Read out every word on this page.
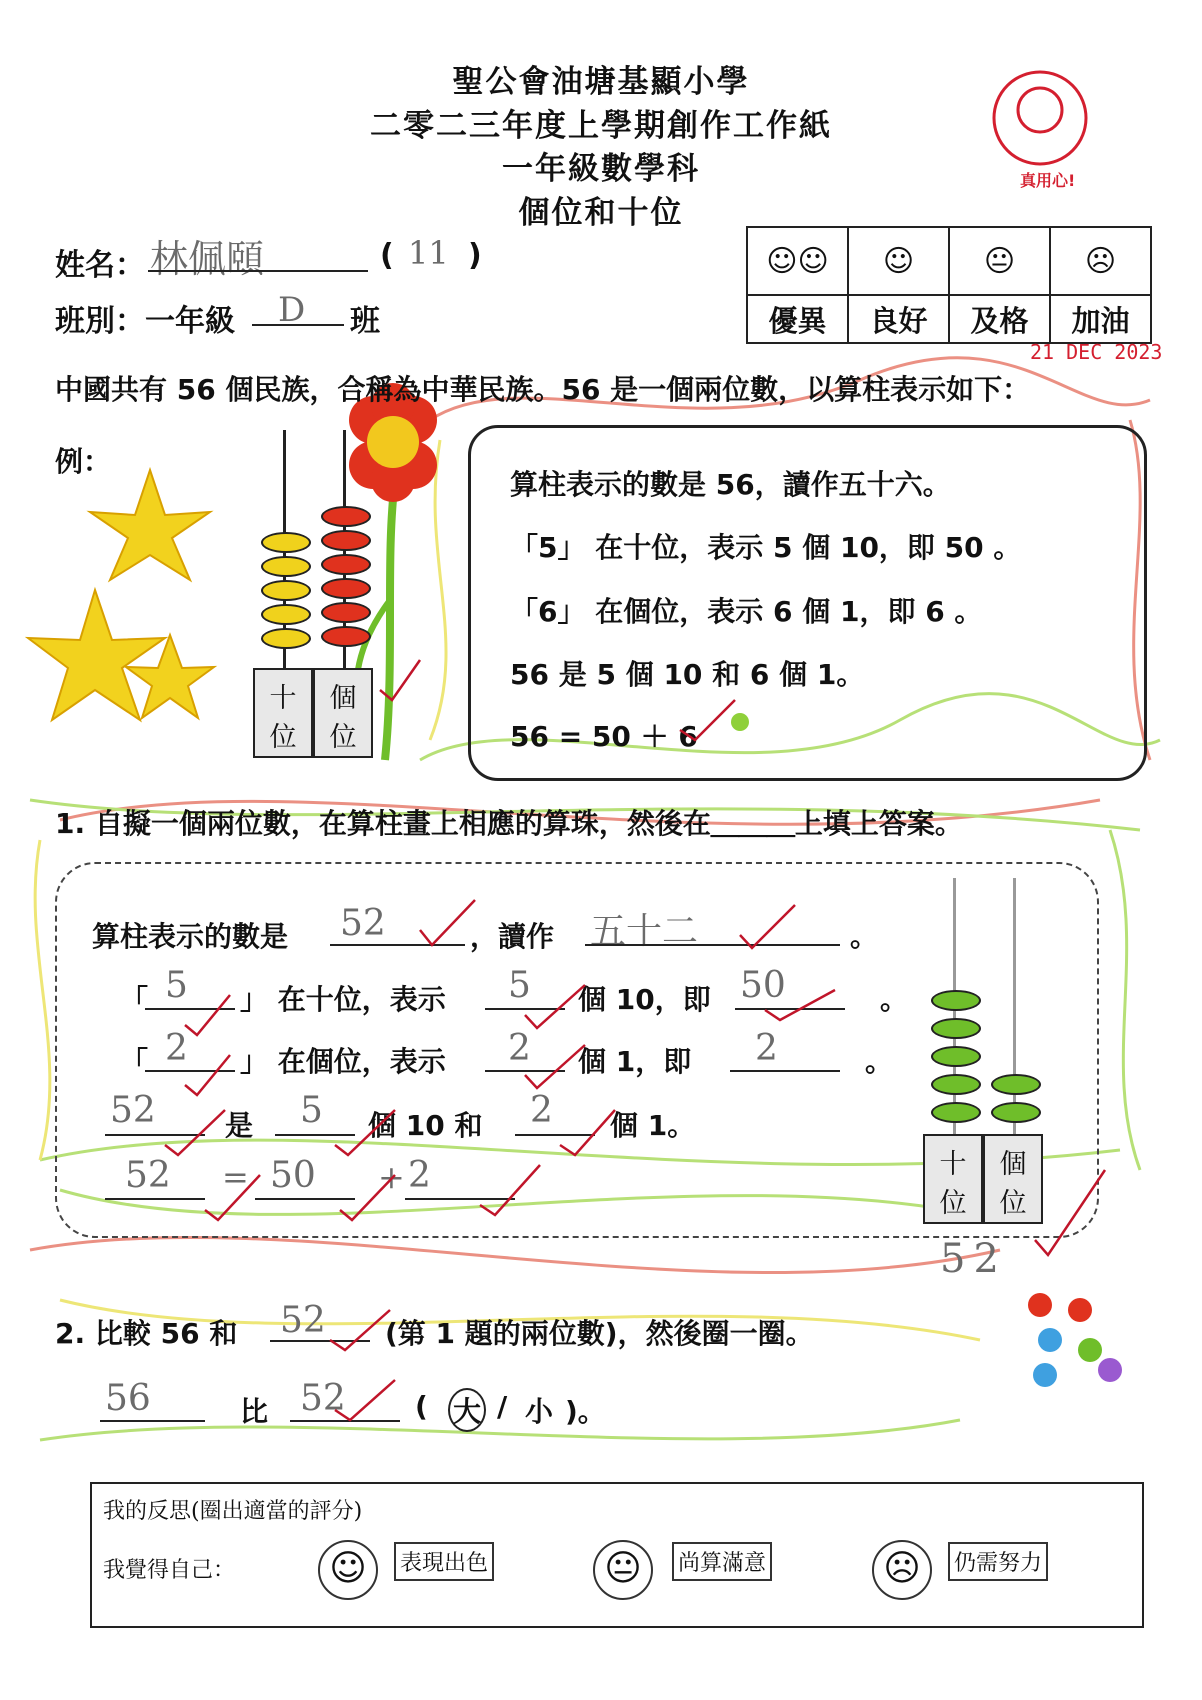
聖公會油塘基顯小學
二零二三年度上學期創作工作紙
一年級數學科
個位和十位
真用心!
姓名： 林佩頤	( 11 )
班別：一年級 D 班
☺☺	☺	😐	☹
優異	良好	及格	加油
21 DEC 2023
中國共有 56 個民族，合稱為中華民族。56 是一個兩位數，以算柱表示如下：
例：
十
位
個
位
算柱表示的數是 56，讀作五十六。
「5」 在十位，表示 5 個 10，即 50 。
「6」 在個位，表示 6 個 1，即 6 。
56 是 5 個 10 和 6 個 1。
56 = 50 ＋ 6
1. 自擬一個兩位數，在算柱畫上相應的算珠，然後在＿＿＿上填上答案。
算柱表示的數是 52	，讀作 五十二	。
「 5 」 在十位，表示 5 個 10，即 50	。
「 2 」 在個位，表示 2 個 1，即 2	。
52 是 5 個 10 和 2 個 1。
52 = 50 + 2	十
位
個
位
52
2. 比較 56 和 52 (第 1 題的兩位數)，然後圈一圈。
56	比 52 ( 大 / 小 )。
我的反思(圈出適當的評分)
我覺得自己：	☺	表現出色	😐	尚算滿意	☹	仍需努力
